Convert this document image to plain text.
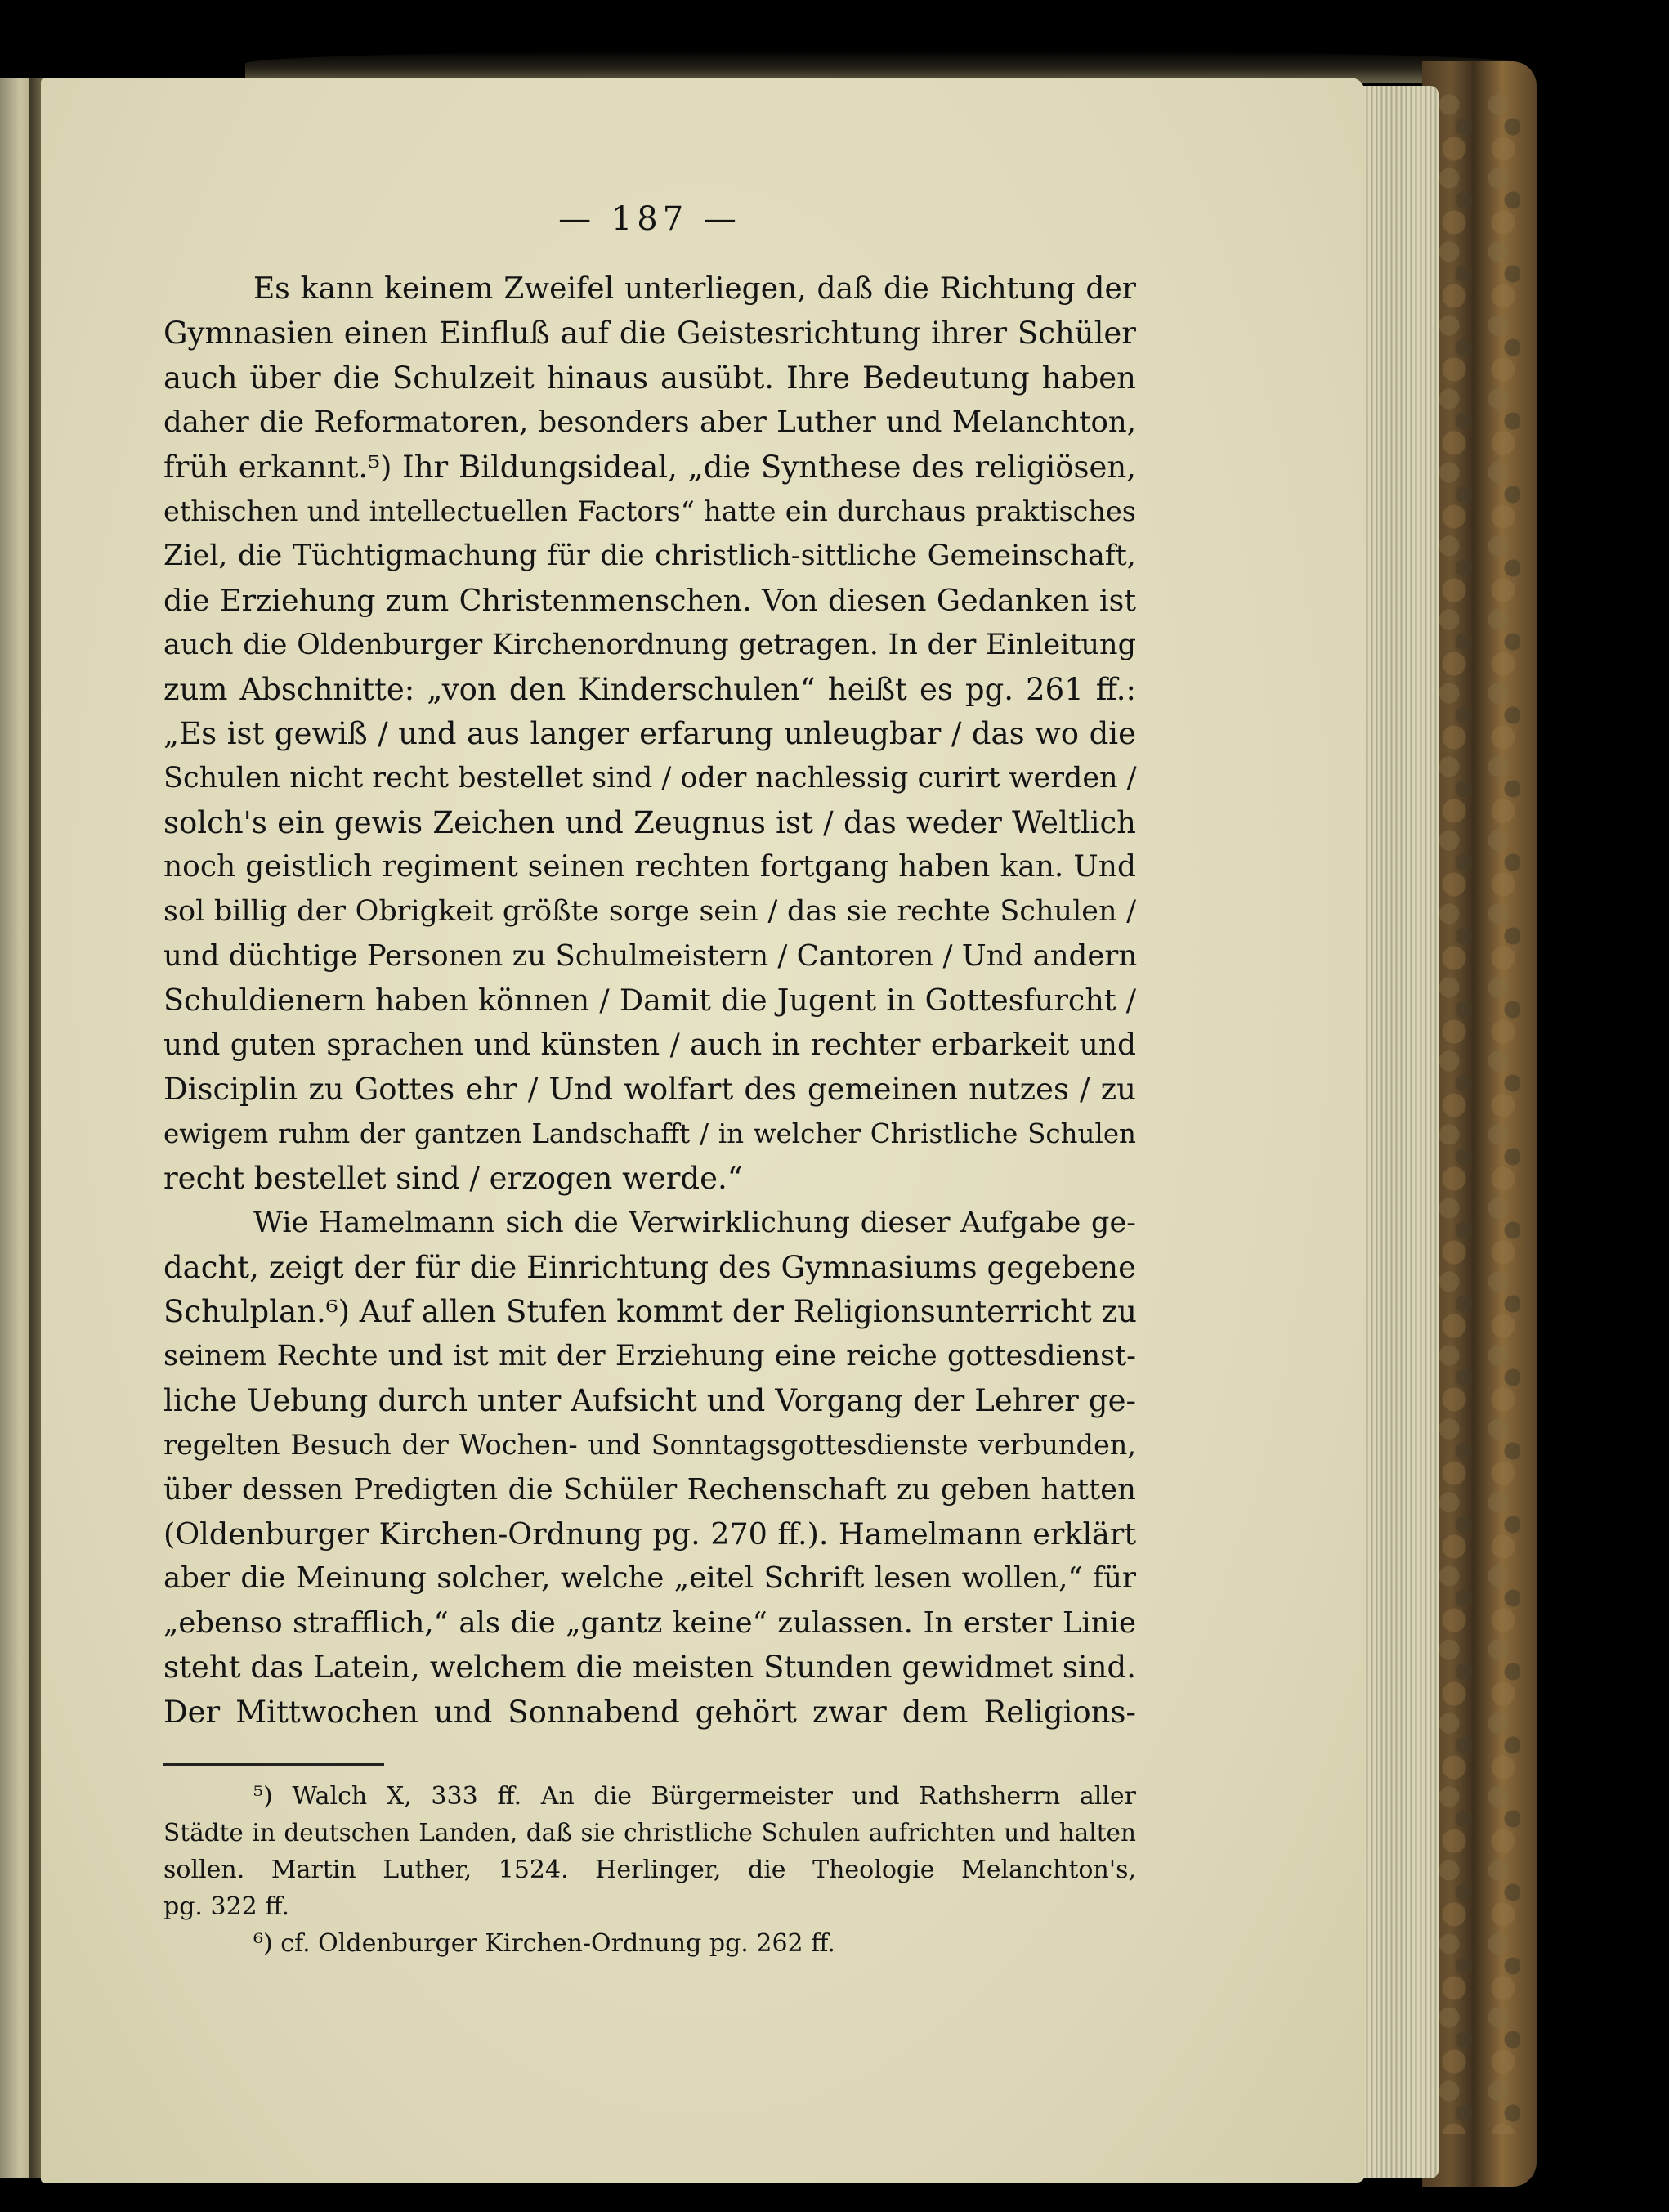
— 187 —

Es kann keinem Zweifel unterliegen, daß die Richtung der
Gymnasien einen Einfluß auf die Geistesrichtung ihrer Schüler
auch über die Schulzeit hinaus ausübt. Ihre Bedeutung haben
daher die Reformatoren, besonders aber Luther und Melanchton,
früh erkannt.⁵) Ihr Bildungsideal, „die Synthese des religiösen,
ethischen und intellectuellen Factors“ hatte ein durchaus praktisches
Ziel, die Tüchtigmachung für die christlich-sittliche Gemeinschaft,
die Erziehung zum Christenmenschen. Von diesen Gedanken ist
auch die Oldenburger Kirchenordnung getragen. In der Einleitung
zum Abschnitte: „von den Kinderschulen“ heißt es pg. 261 ff.:
„Es ist gewiß / und aus langer erfarung unleugbar / das wo die
Schulen nicht recht bestellet sind / oder nachlessig curirt werden /
solch's ein gewis Zeichen und Zeugnus ist / das weder Weltlich
noch geistlich regiment seinen rechten fortgang haben kan. Und
sol billig der Obrigkeit größte sorge sein / das sie rechte Schulen /
und düchtige Personen zu Schulmeistern / Cantoren / Und andern
Schuldienern haben können / Damit die Jugent in Gottesfurcht /
und guten sprachen und künsten / auch in rechter erbarkeit und
Disciplin zu Gottes ehr / Und wolfart des gemeinen nutzes / zu
ewigem ruhm der gantzen Landschafft / in welcher Christliche Schulen
recht bestellet sind / erzogen werde.“

Wie Hamelmann sich die Verwirklichung dieser Aufgabe ge-
dacht, zeigt der für die Einrichtung des Gymnasiums gegebene
Schulplan.⁶) Auf allen Stufen kommt der Religionsunterricht zu
seinem Rechte und ist mit der Erziehung eine reiche gottesdienst-
liche Uebung durch unter Aufsicht und Vorgang der Lehrer ge-
regelten Besuch der Wochen- und Sonntagsgottesdienste verbunden,
über dessen Predigten die Schüler Rechenschaft zu geben hatten
(Oldenburger Kirchen-Ordnung pg. 270 ff.). Hamelmann erklärt
aber die Meinung solcher, welche „eitel Schrift lesen wollen,“ für
„ebenso strafflich,“ als die „gantz keine“ zulassen. In erster Linie
steht das Latein, welchem die meisten Stunden gewidmet sind.
Der Mittwochen und Sonnabend gehört zwar dem Religions-

⁵) Walch X, 333 ff. An die Bürgermeister und Rathsherrn aller
Städte in deutschen Landen, daß sie christliche Schulen aufrichten und halten
sollen. Martin Luther, 1524. Herlinger, die Theologie Melanchton's,
pg. 322 ff.

⁶) cf. Oldenburger Kirchen-Ordnung pg. 262 ff.
